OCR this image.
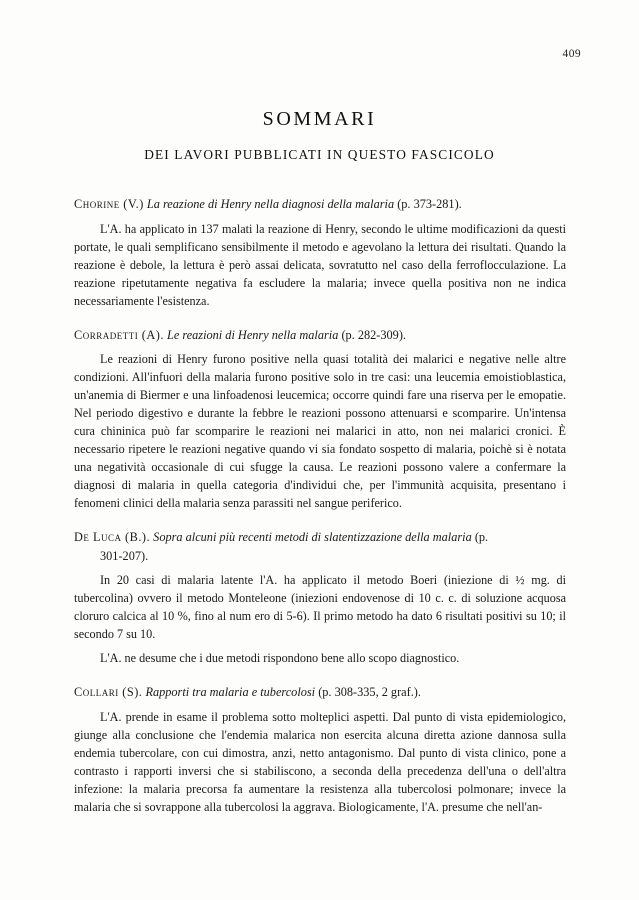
409
SOMMARI
DEI LAVORI PUBBLICATI IN QUESTO FASCICOLO
Chorine (V.) La reazione di Henry nella diagnosi della malaria (p. 373-281).

L'A. ha applicato in 137 malati la reazione di Henry, secondo le ultime modificazioni da questi portate, le quali semplificano sensibilmente il metodo e agevolano la lettura dei risultati. Quando la reazione è debole, la lettura è però assai delicata, sovratutto nel caso della ferroflocculazione. La reazione ripetutamente negativa fa escludere la malaria; invece quella positiva non ne indica necessariamente l'esistenza.

Corradetti (A). Le reazioni di Henry nella malaria (p. 282-309).

Le reazioni di Henry furono positive nella quasi totalità dei malarici e negative nelle altre condizioni. All'infuori della malaria furono positive solo in tre casi: una leucemia emoistioblastica, un'anemia di Biermer e una linfoadenosi leucemica; occorre quindi fare una riserva per le emopatie. Nel periodo digestivo e durante la febbre le reazioni possono attenuarsi e scomparire. Un'intensa cura chininica può far scomparire le reazioni nei malarici in atto, non nei malarici cronici. È necessario ripetere le reazioni negative quando vi sia fondato sospetto di malaria, poichè si è notata una negatività occasionale di cui sfugge la causa. Le reazioni possono valere a confermare la diagnosi di malaria in quella categoria d'individui che, per l'immunità acquisita, presentano i fenomeni clinici della malaria senza parassiti nel sangue periferico.

De Luca (B.). Sopra alcuni più recenti metodi di slatentizzazione della malaria (p.
301-207).

In 20 casi di malaria latente l'A. ha applicato il metodo Boeri (iniezione di ½ mg. di tubercolina) ovvero il metodo Monteleone (iniezioni endovenose di 10 c. c. di soluzione acquosa cloruro calcica al 10 %, fino al num ero di 5-6). Il primo metodo ha dato 6 risultati positivi su 10; il secondo 7 su 10.

L'A. ne desume che i due metodi rispondono bene allo scopo diagnostico.

Collari (S). Rapporti tra malaria e tubercolosi (p. 308-335, 2 graf.).

L'A. prende in esame il problema sotto molteplici aspetti. Dal punto di vista epidemiologico, giunge alla conclusione che l'endemia malarica non esercita alcuna diretta azione dannosa sulla endemia tubercolare, con cui dimostra, anzi, netto antagonismo. Dal punto di vista clinico, pone a contrasto i rapporti inversi che si stabiliscono, a seconda della precedenza dell'una o dell'altra infezione: la malaria precorsa fa aumentare la resistenza alla tubercolosi polmonare; invece la malaria che si sovrappone alla tubercolosi la aggrava. Biologicamente, l'A. presume che nell'an-
